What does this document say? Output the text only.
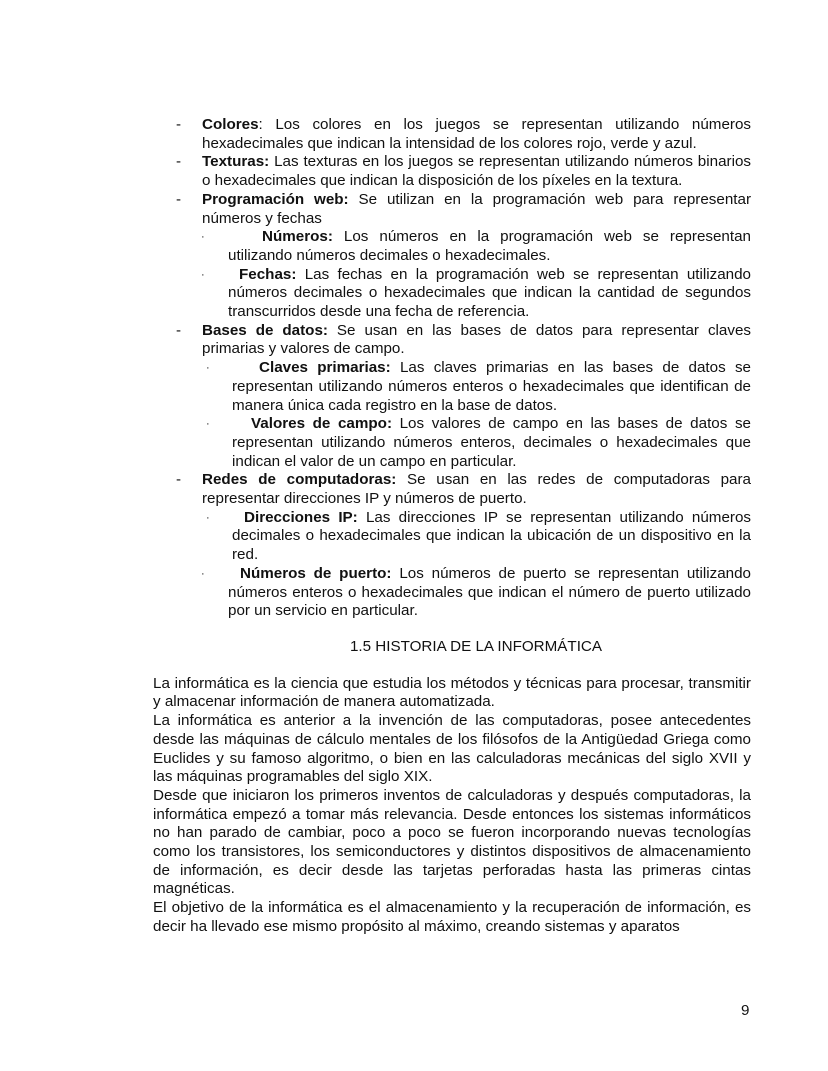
- Colores: Los colores en los juegos se representan utilizando números hexadecimales que indican la intensidad de los colores rojo, verde y azul.
- Texturas: Las texturas en los juegos se representan utilizando números binarios o hexadecimales que indican la disposición de los píxeles en la textura.
- Programación web: Se utilizan en la programación web para representar números y fechas
·	Números: Los números en la programación web se representan utilizando números decimales o hexadecimales.
· Fechas: Las fechas en la programación web se representan utilizando números decimales o hexadecimales que indican la cantidad de segundos transcurridos desde una fecha de referencia.
- Bases de datos: Se usan en las bases de datos para representar claves primarias y valores de campo.
·	Claves primarias: Las claves primarias en las bases de datos se representan utilizando números enteros o hexadecimales que identifican de manera única cada registro en la base de datos.
·	Valores de campo: Los valores de campo en las bases de datos se representan utilizando números enteros, decimales o hexadecimales que indican el valor de un campo en particular.
- Redes de computadoras: Se usan en las redes de computadoras para representar direcciones IP y números de puerto.
· Direcciones IP: Las direcciones IP se representan utilizando números decimales o hexadecimales que indican la ubicación de un dispositivo en la red.
· Números de puerto: Los números de puerto se representan utilizando números enteros o hexadecimales que indican el número de puerto utilizado por un servicio en particular.
1.5 HISTORIA DE LA INFORMÁTICA
La informática es la ciencia que estudia los métodos y técnicas para procesar, transmitir y almacenar información de manera automatizada.
La informática es anterior a la invención de las computadoras, posee antecedentes desde las máquinas de cálculo mentales de los filósofos de la Antigüedad Griega como Euclides y su famoso algoritmo, o bien en las calculadoras mecánicas del siglo XVII y las máquinas programables del siglo XIX.
Desde que iniciaron los primeros inventos de calculadoras y después computadoras, la informática empezó a tomar más relevancia. Desde entonces los sistemas informáticos no han parado de cambiar, poco a poco se fueron incorporando nuevas tecnologías como los transistores, los semiconductores y distintos dispositivos de almacenamiento de información, es decir desde las tarjetas perforadas hasta las primeras cintas magnéticas.
El objetivo de la informática es el almacenamiento y la recuperación de información, es decir ha llevado ese mismo propósito al máximo, creando sistemas y aparatos
9
